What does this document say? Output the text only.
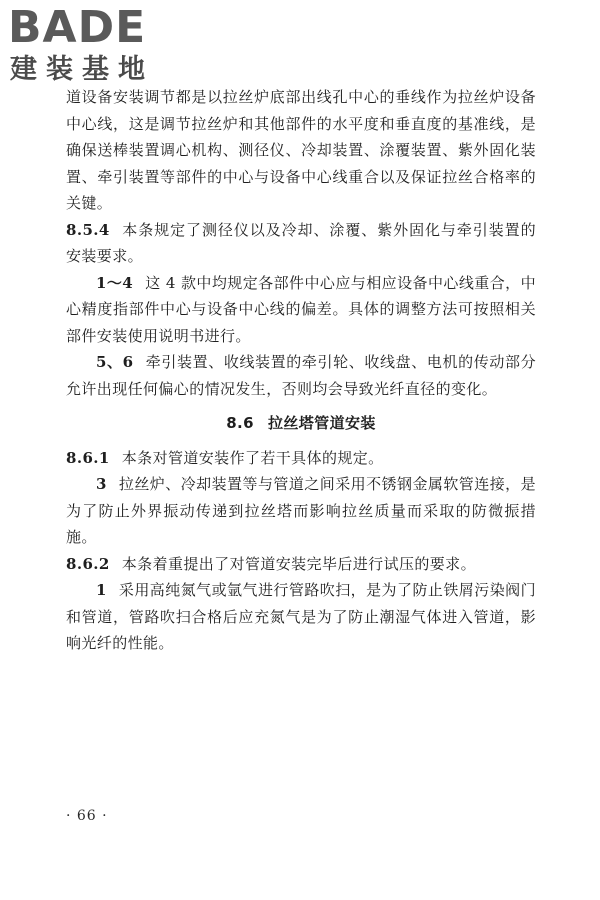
BADE
建装基地

道设备安装调节都是以拉丝炉底部出线孔中心的垂线作为拉丝炉设备中心线，这是调节拉丝炉和其他部件的水平度和垂直度的基准线，是确保送棒装置调心机构、测径仪、冷却装置、涂覆装置、紫外固化装置、牵引装置等部件的中心与设备中心线重合以及保证拉丝合格率的关键。

8.5.4 本条规定了测径仪以及冷却、涂覆、紫外固化与牵引装置的安装要求。

1～4 这 4 款中均规定各部件中心应与相应设备中心线重合，中心精度指部件中心与设备中心线的偏差。具体的调整方法可按照相关部件安装使用说明书进行。

5、6 牵引装置、收线装置的牵引轮、收线盘、电机的传动部分允许出现任何偏心的情况发生，否则均会导致光纤直径的变化。

8.6 拉丝塔管道安装

8.6.1 本条对管道安装作了若干具体的规定。

3 拉丝炉、冷却装置等与管道之间采用不锈钢金属软管连接，是为了防止外界振动传递到拉丝塔而影响拉丝质量而采取的防微振措施。

8.6.2 本条着重提出了对管道安装完毕后进行试压的要求。

1 采用高纯氮气或氩气进行管路吹扫，是为了防止铁屑污染阀门和管道，管路吹扫合格后应充氮气是为了防止潮湿气体进入管道，影响光纤的性能。

· 66 ·
